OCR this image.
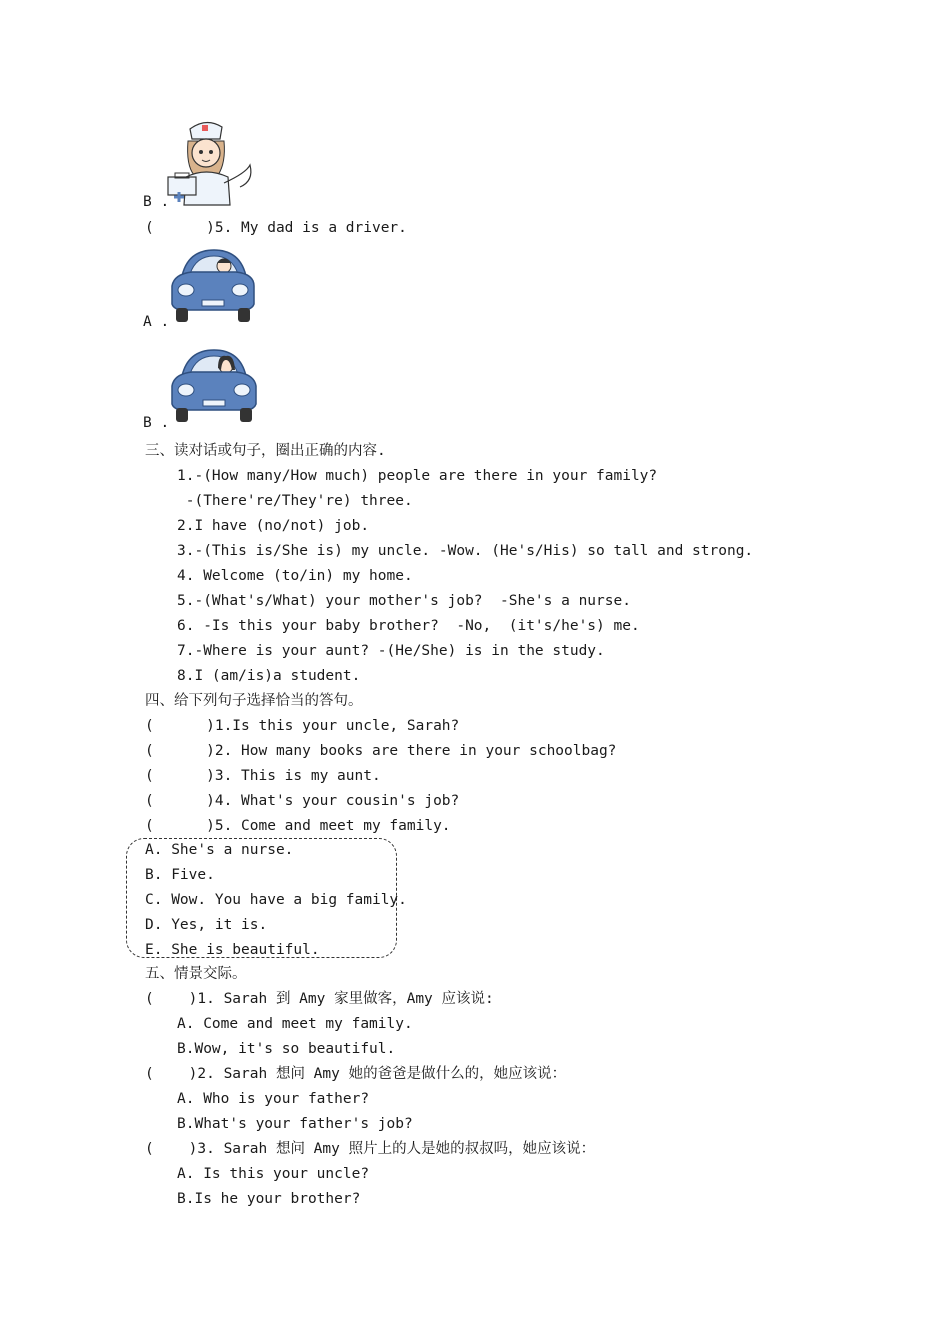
B .
(      )5. My dad is a driver.
A .
B .
三、读对话或句子，圈出正确的内容.
1.-(How many/How much) people are there in your family?
-(There're/They're) three.
2.I have (no/not) job.
3.-(This is/She is) my uncle. -Wow. (He's/His) so tall and strong.
4. Welcome (to/in) my home.
5.-(What's/What) your mother's job?  -She's a nurse.
6. -Is this your baby brother?  -No,  (it's/he's) me.
7.-Where is your aunt? -(He/She) is in the study.
8.I (am/is)a student.
四、给下列句子选择恰当的答句。
(      )1.Is this your uncle, Sarah?
(      )2. How many books are there in your schoolbag?
(      )3. This is my aunt.
(      )4. What's your cousin's job?
(      )5. Come and meet my family.
A. She's a nurse.
B. Five.
C. Wow. You have a big family.
D. Yes, it is.
E. She is beautiful.
五、情景交际。
(    )1. Sarah 到 Amy 家里做客，Amy 应该说:
A. Come and meet my family.
B.Wow, it's so beautiful.
(    )2. Sarah 想问 Amy 她的爸爸是做什么的，她应该说：
A. Who is your father?
B.What's your father's job?
(    )3. Sarah 想问 Amy 照片上的人是她的叔叔吗，她应该说：
A. Is this your uncle?
B.Is he your brother?
